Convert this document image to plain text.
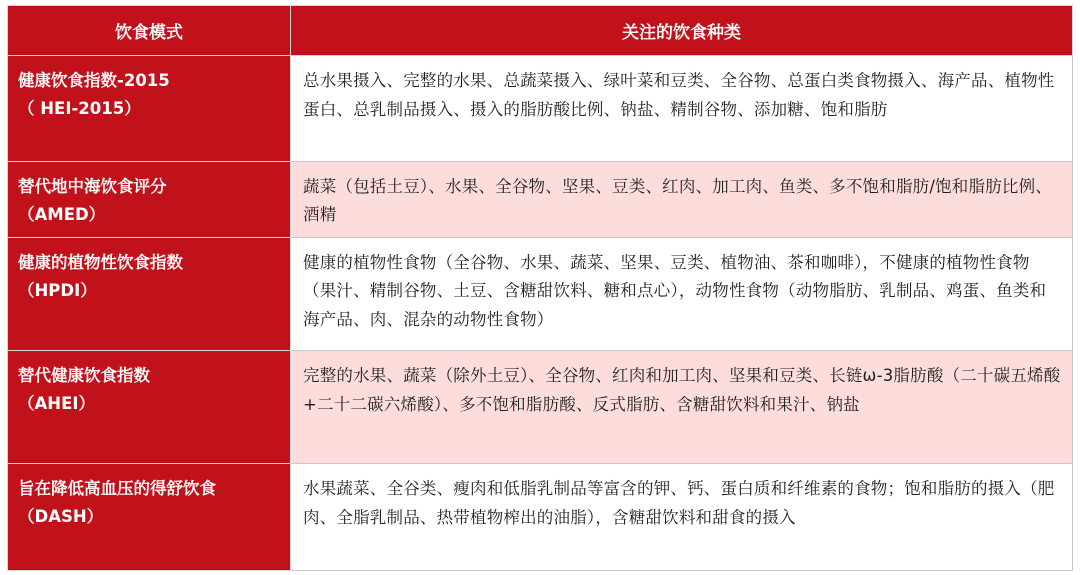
饮食模式	关注的饮食种类

健康饮食指数-2015
（ HEI-2015）	总水果摄入、完整的水果、总蔬菜摄入、绿叶菜和豆类、全谷物、总蛋白类食物摄入、海产品、植物性蛋白、总乳制品摄入、摄入的脂肪酸比例、钠盐、精制谷物、添加糖、饱和脂肪

替代地中海饮食评分
（AMED）	蔬菜（包括土豆）、水果、全谷物、坚果、豆类、红肉、加工肉、鱼类、多不饱和脂肪/饱和脂肪比例、酒精

健康的植物性饮食指数
（HPDI）	健康的植物性食物（全谷物、水果、蔬菜、坚果、豆类、植物油、茶和咖啡），不健康的植物性食物（果汁、精制谷物、土豆、含糖甜饮料、糖和点心），动物性食物（动物脂肪、乳制品、鸡蛋、鱼类和海产品、肉、混杂的动物性食物）

替代健康饮食指数
（AHEI）	完整的水果、蔬菜（除外土豆）、全谷物、红肉和加工肉、坚果和豆类、长链ω-3脂肪酸（二十碳五烯酸+二十二碳六烯酸）、多不饱和脂肪酸、反式脂肪、含糖甜饮料和果汁、钠盐

旨在降低高血压的得舒饮食
（DASH）	水果蔬菜、全谷类、瘦肉和低脂乳制品等富含的钾、钙、蛋白质和纤维素的食物；饱和脂肪的摄入（肥肉、全脂乳制品、热带植物榨出的油脂），含糖甜饮料和甜食的摄入
